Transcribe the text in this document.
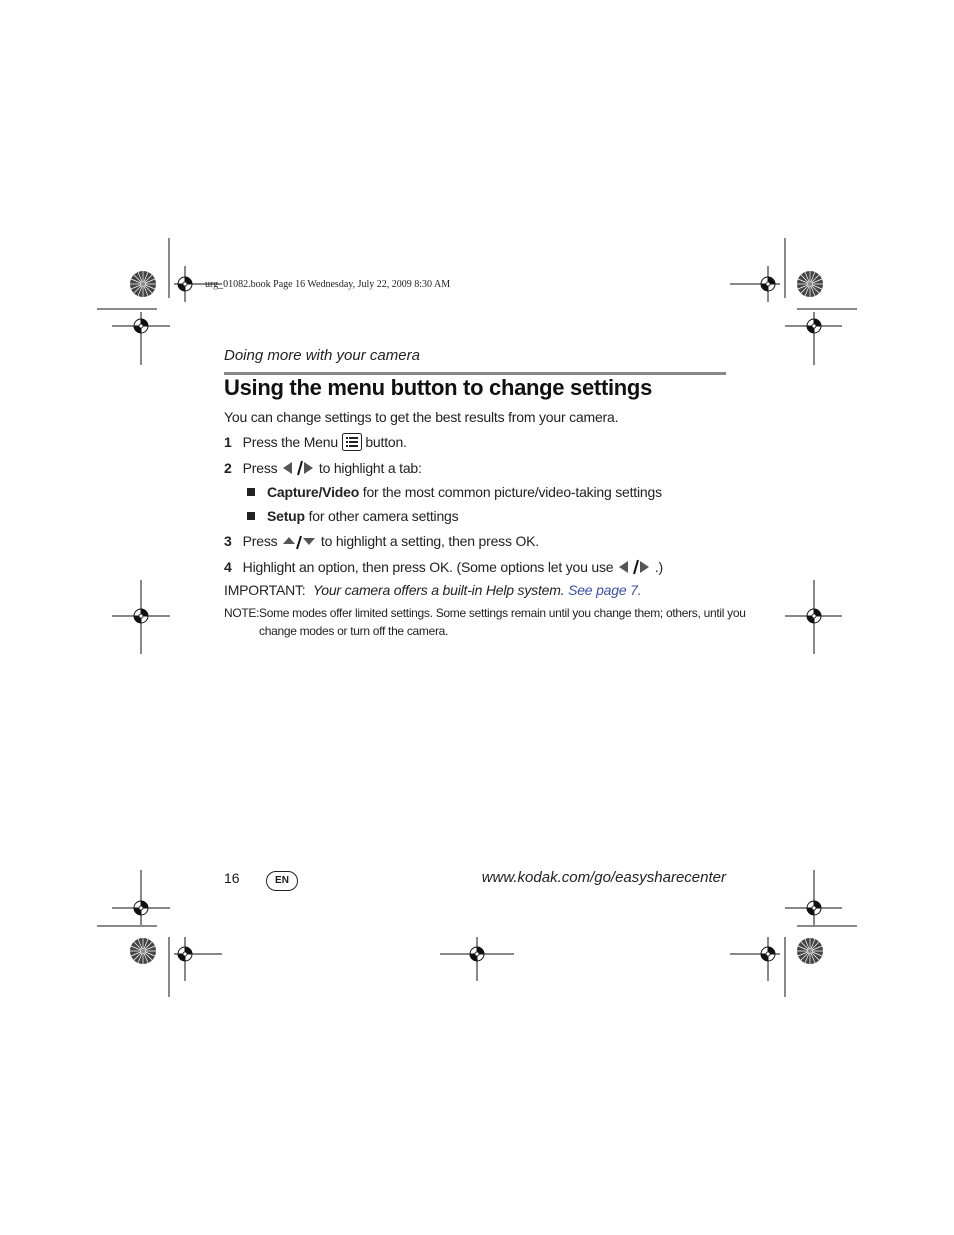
urg_01082.book Page 16 Wednesday, July 22, 2009 8:30 AM
Doing more with your camera
Using the menu button to change settings
You can change settings to get the best results from your camera.
1 Press the Menu button.
2 Press	to highlight a tab:
Capture/Video for the most common picture/video-taking settings
Setup for other camera settings
3 Press	to highlight a setting, then press OK.
4 Highlight an option, then press OK. (Some options let you use	.)
IMPORTANT: Your camera offers a built-in Help system. See page 7.
NOTE: Some modes offer limited settings. Some settings remain until you change them; others, until you
change modes or turn off the camera.
16	EN	www.kodak.com/go/easysharecenter
